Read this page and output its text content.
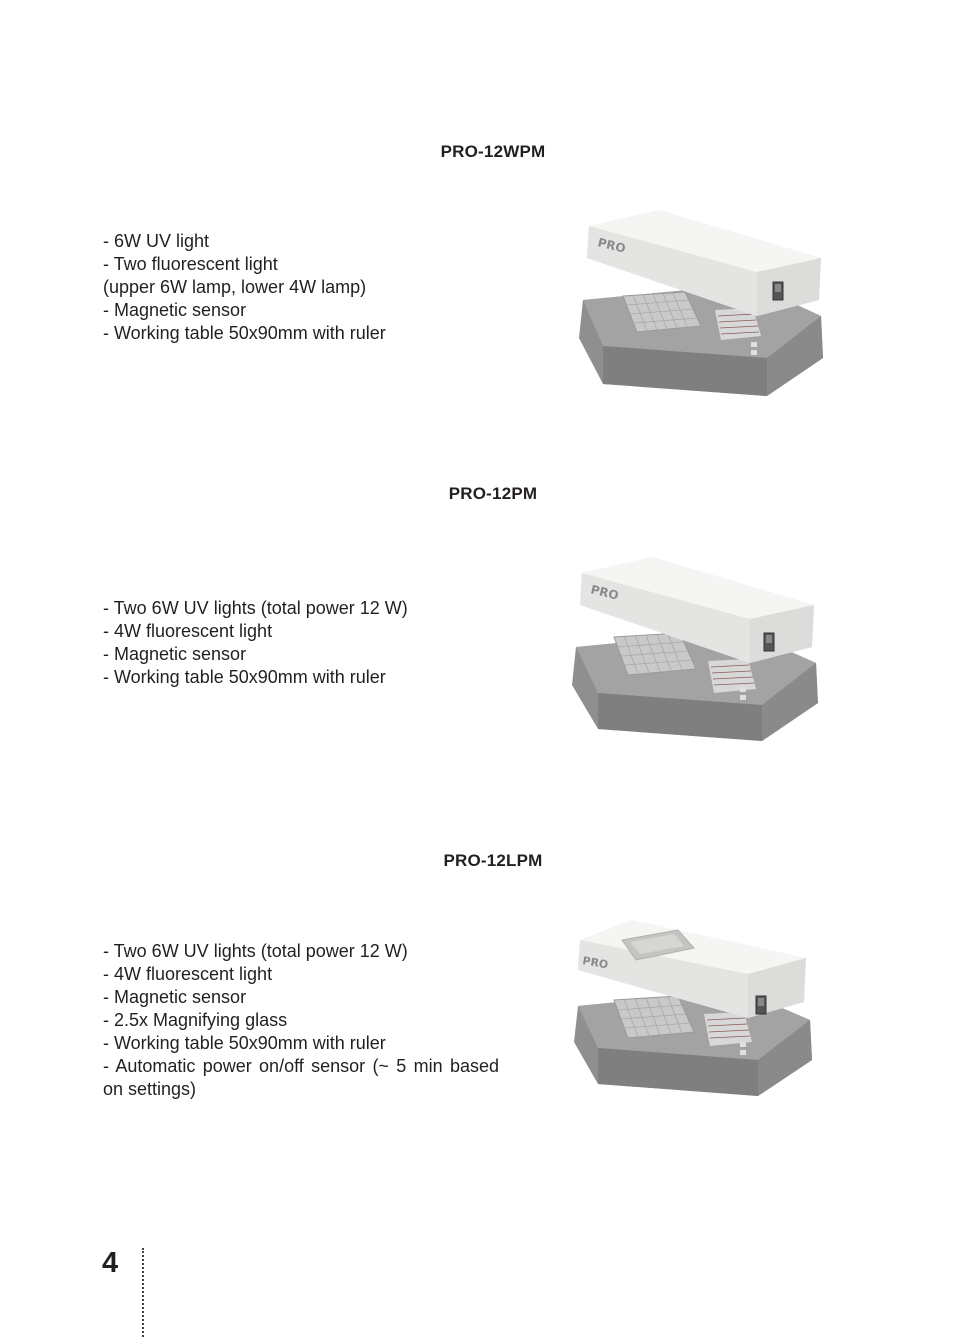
PRO-12WPM
- 6W UV light
- Two fluorescent light
(upper 6W lamp, lower 4W lamp)
- Magnetic sensor
- Working table 50x90mm with ruler
PRO
PRO-12PM
- Two 6W UV lights (total power 12 W)
- 4W fluorescent light
- Magnetic sensor
- Working table 50x90mm with ruler
PRO
PRO-12LPM
- Two 6W UV lights (total power 12 W)
- 4W fluorescent light
- Magnetic sensor
- 2.5x Magnifying glass
- Working table 50x90mm with ruler
- Automatic power on/off sensor (~ 5 min based on settings)
PRO
4
